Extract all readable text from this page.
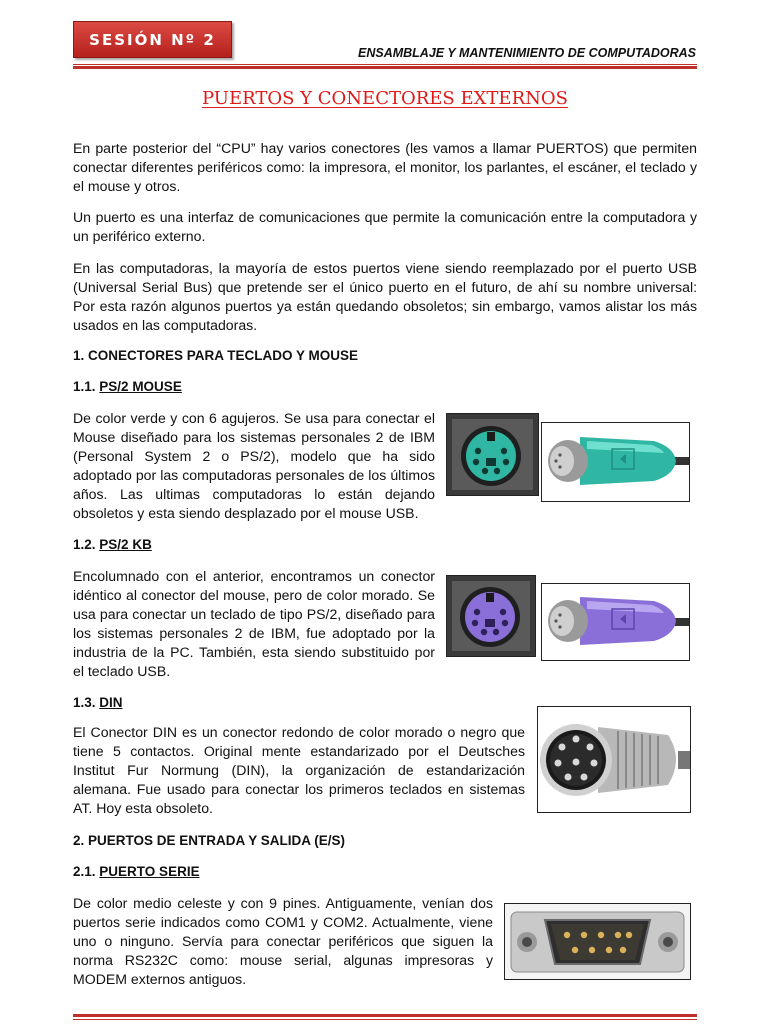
SESIÓN Nº 2
ENSAMBLAJE Y MANTENIMIENTO DE COMPUTADORAS
PUERTOS Y CONECTORES EXTERNOS
En parte posterior del “CPU” hay varios conectores (les vamos a llamar PUERTOS) que permiten conectar diferentes periféricos como: la impresora, el monitor, los parlantes, el escáner, el teclado y el mouse y otros.
Un puerto es una interfaz de comunicaciones que permite la comunicación entre la computadora y un periférico externo.
En las computadoras, la mayoría de estos puertos viene siendo reemplazado por el puerto USB (Universal Serial Bus) que pretende ser el único puerto en el futuro, de ahí su nombre universal: Por esta razón algunos puertos ya están quedando obsoletos; sin embargo, vamos alistar los más usados en las computadoras.
1. CONECTORES PARA TECLADO Y MOUSE
1.1. PS/2 MOUSE
De color verde y con 6 agujeros. Se usa para conectar el Mouse diseñado para los sistemas personales 2 de IBM (Personal System 2 o PS/2), modelo que ha sido adoptado por las computadoras personales de los últimos años. Las ultimas computadoras lo están dejando obsoletos y esta siendo desplazado por el mouse USB.
1.2. PS/2 KB
Encolumnado con el anterior, encontramos un conector idéntico al conector del mouse, pero de color morado. Se usa para conectar un teclado de tipo PS/2, diseñado para los sistemas personales 2 de IBM, fue adoptado por la industria de la PC. También, esta siendo substituido por el teclado USB.
1.3. DIN
El Conector DIN es un conector redondo de color morado o negro que tiene 5 contactos. Original mente estandarizado por el Deutsches Institut Fur Normung (DIN), la organización de estandarización alemana. Fue usado para conectar los primeros teclados en sistemas AT. Hoy esta obsoleto.
2. PUERTOS DE ENTRADA Y SALIDA (E/S)
2.1. PUERTO SERIE
De color medio celeste y con 9 pines. Antiguamente, venían dos puertos serie indicados como COM1 y COM2. Actualmente, viene uno o ninguno. Servía para conectar periféricos que siguen la norma RS232C como: mouse serial, algunas impresoras y MODEM externos antiguos.
